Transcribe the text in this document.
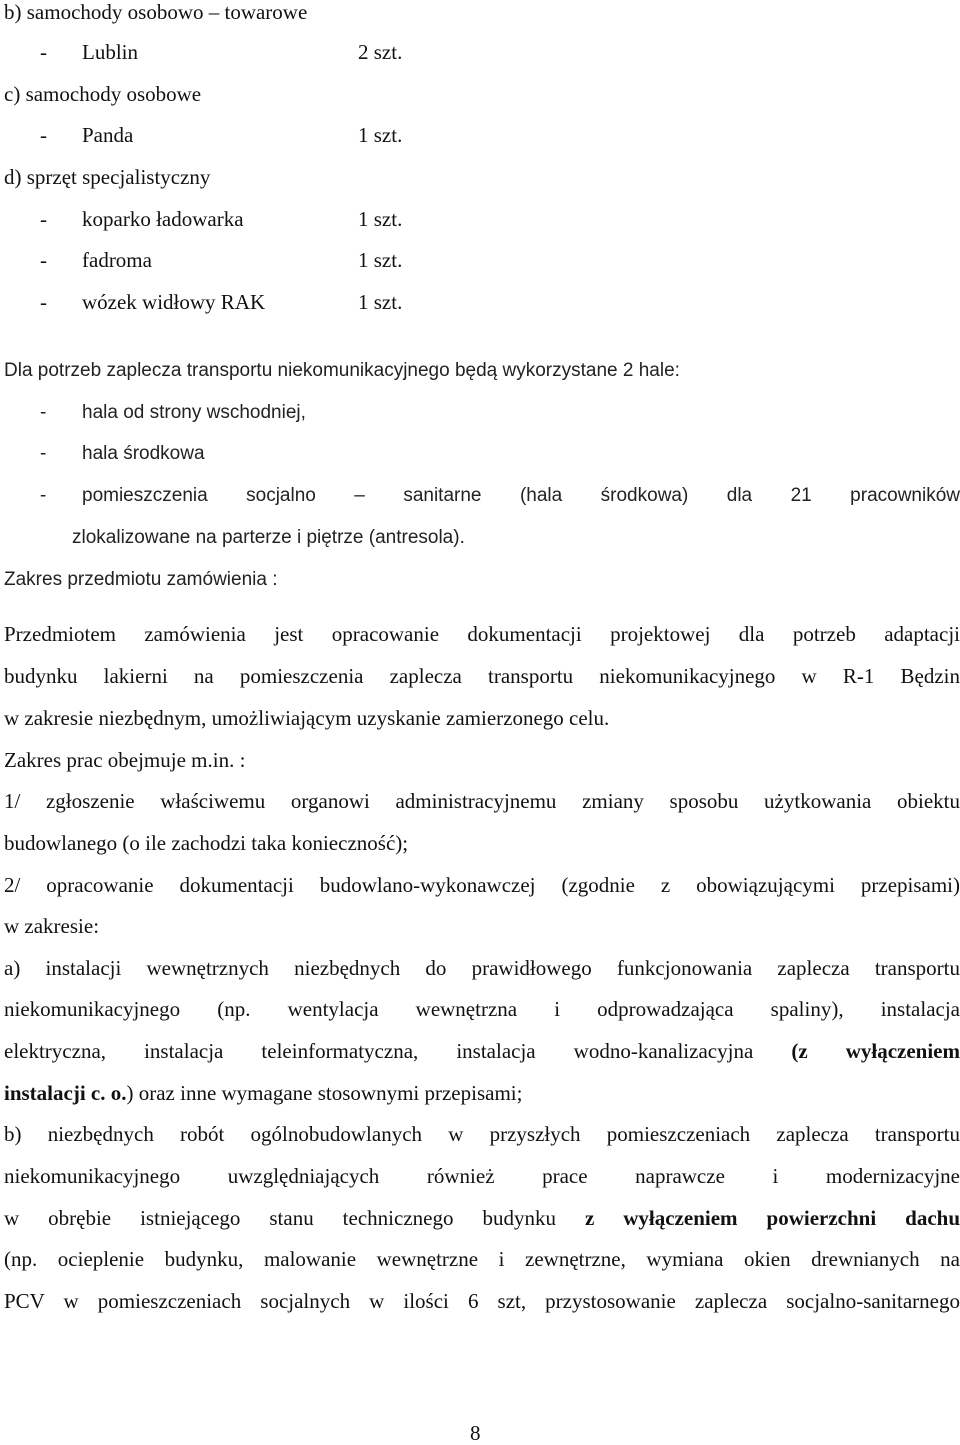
b) samochody osobowo – towarowe
- Lublin	2 szt.
c) samochody osobowe
- Panda	1 szt.
d) sprzęt specjalistyczny
- koparko ładowarka	1 szt.
- fadroma	1 szt.
- wózek widłowy RAK	1 szt.
Dla potrzeb zaplecza transportu niekomunikacyjnego będą wykorzystane 2 hale:
- hala od strony wschodniej,
- hala środkowa
- pomieszczenia socjalno – sanitarne (hala środkowa) dla 21 pracowników
zlokalizowane na parterze i piętrze (antresola).
Zakres przedmiotu zamówienia :
Przedmiotem zamówienia jest opracowanie dokumentacji projektowej dla potrzeb adaptacji
budynku lakierni na pomieszczenia zaplecza transportu niekomunikacyjnego w R-1 Będzin
w zakresie niezbędnym, umożliwiającym uzyskanie zamierzonego celu.
Zakres prac obejmuje m.in. :
1/ zgłoszenie właściwemu organowi administracyjnemu zmiany sposobu użytkowania obiektu
budowlanego (o ile zachodzi taka konieczność);
2/ opracowanie dokumentacji budowlano-wykonawczej (zgodnie z obowiązującymi przepisami)
w zakresie:
a) instalacji wewnętrznych niezbędnych do prawidłowego funkcjonowania zaplecza transportu
niekomunikacyjnego (np. wentylacja wewnętrzna i odprowadzająca spaliny), instalacja
elektryczna, instalacja teleinformatyczna, instalacja wodno-kanalizacyjna (z wyłączeniem
instalacji c. o.) oraz inne wymagane stosownymi przepisami;
b) niezbędnych robót ogólnobudowlanych w przyszłych pomieszczeniach zaplecza transportu
niekomunikacyjnego uwzględniających również prace naprawcze i modernizacyjne
w obrębie istniejącego stanu technicznego budynku z wyłączeniem powierzchni dachu
(np. ocieplenie budynku, malowanie wewnętrzne i zewnętrzne, wymiana okien drewnianych na
PCV w pomieszczeniach socjalnych w ilości 6 szt, przystosowanie zaplecza socjalno-sanitarnego
8
